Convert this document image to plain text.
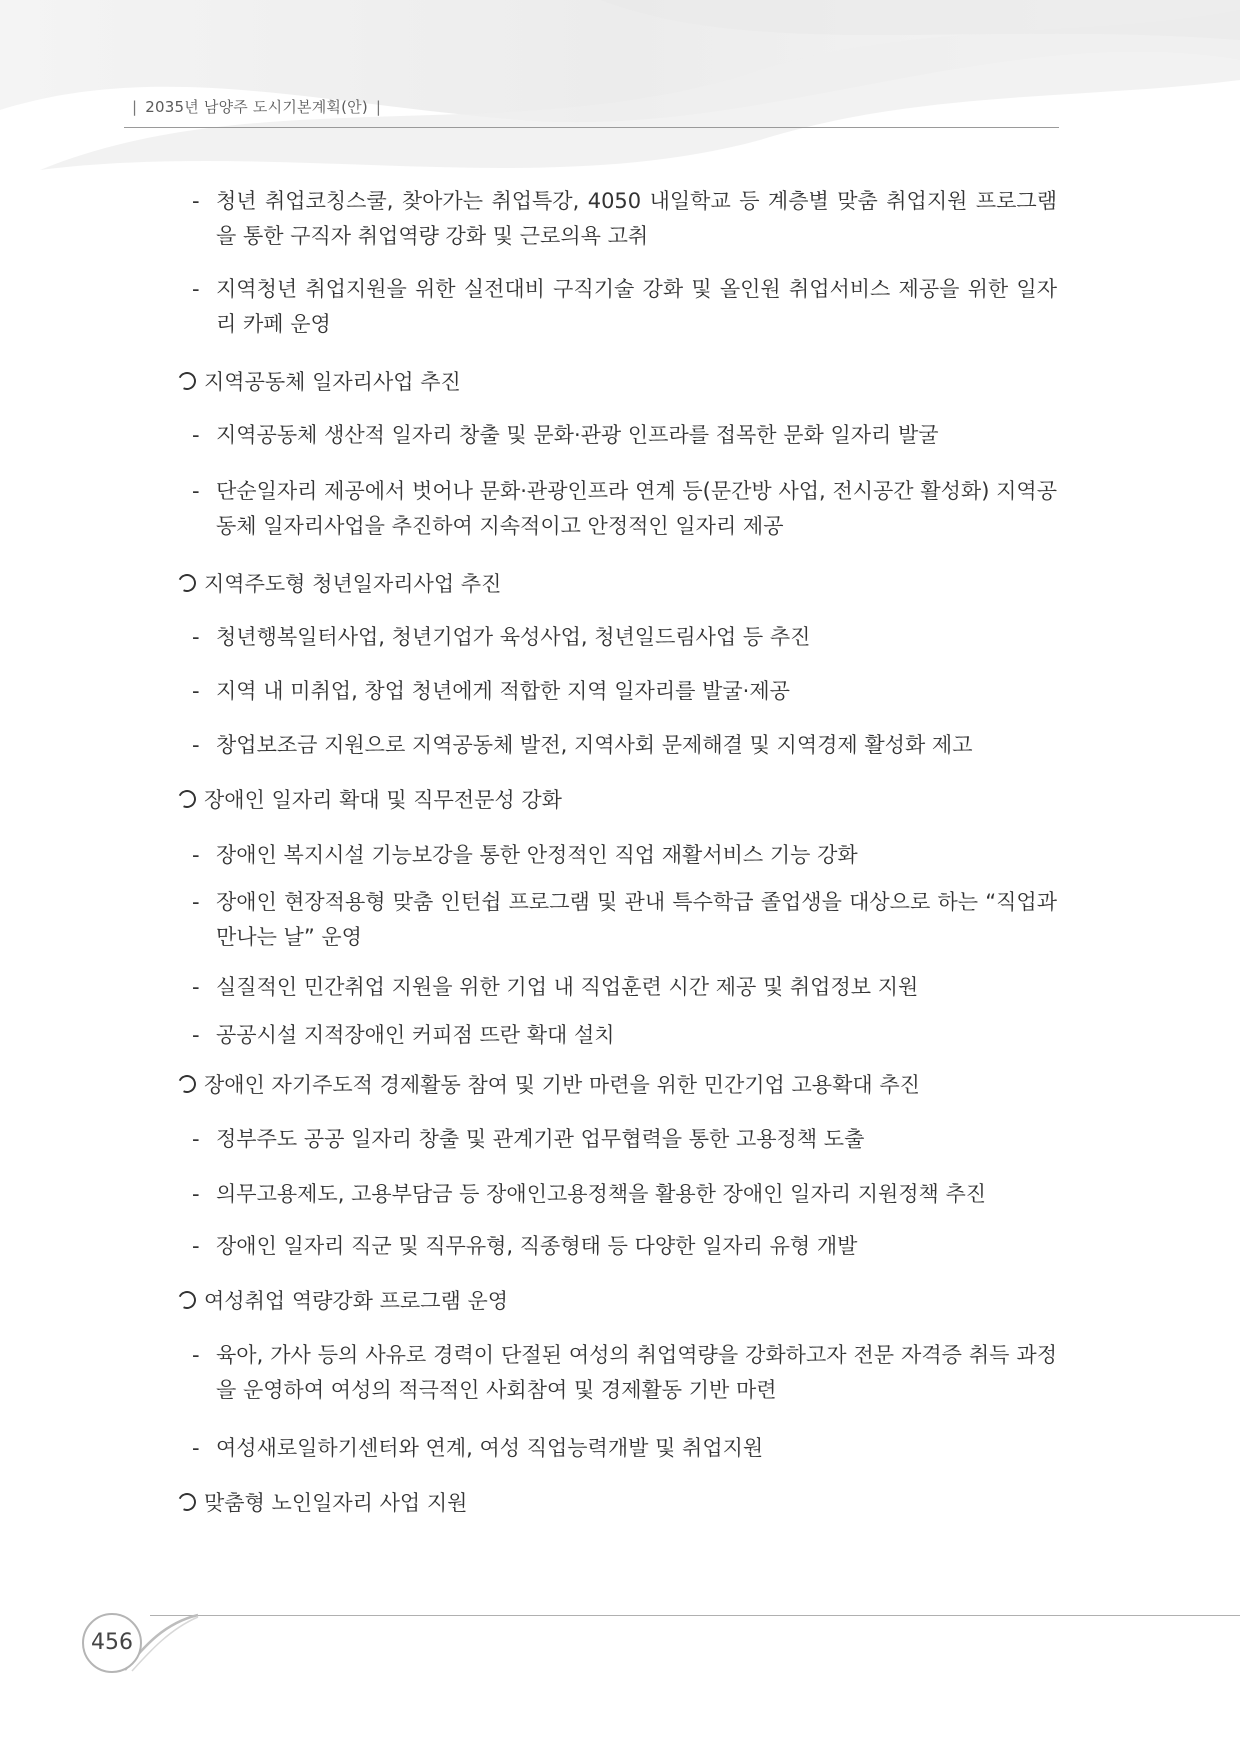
| 2035년 남양주 도시기본계획(안) |
- 청년 취업코칭스쿨, 찾아가는 취업특강, 4050 내일학교 등 계층별 맞춤 취업지원 프로그램을 통한 구직자 취업역량 강화 및 근로의욕 고취
- 지역청년 취업지원을 위한 실전대비 구직기술 강화 및 올인원 취업서비스 제공을 위한 일자리 카페 운영
지역공동체 일자리사업 추진
- 지역공동체 생산적 일자리 창출 및 문화·관광 인프라를 접목한 문화 일자리 발굴
- 단순일자리 제공에서 벗어나 문화·관광인프라 연계 등(문간방 사업, 전시공간 활성화) 지역공동체 일자리사업을 추진하여 지속적이고 안정적인 일자리 제공
지역주도형 청년일자리사업 추진
- 청년행복일터사업, 청년기업가 육성사업, 청년일드림사업 등 추진
- 지역 내 미취업, 창업 청년에게 적합한 지역 일자리를 발굴·제공
- 창업보조금 지원으로 지역공동체 발전, 지역사회 문제해결 및 지역경제 활성화 제고
장애인 일자리 확대 및 직무전문성 강화
- 장애인 복지시설 기능보강을 통한 안정적인 직업 재활서비스 기능 강화
- 장애인 현장적용형 맞춤 인턴쉽 프로그램 및 관내 특수학급 졸업생을 대상으로 하는 “직업과 만나는 날” 운영
- 실질적인 민간취업 지원을 위한 기업 내 직업훈련 시간 제공 및 취업정보 지원
- 공공시설 지적장애인 커피점 뜨란 확대 설치
장애인 자기주도적 경제활동 참여 및 기반 마련을 위한 민간기업 고용확대 추진
- 정부주도 공공 일자리 창출 및 관계기관 업무협력을 통한 고용정책 도출
- 의무고용제도, 고용부담금 등 장애인고용정책을 활용한 장애인 일자리 지원정책 추진
- 장애인 일자리 직군 및 직무유형, 직종형태 등 다양한 일자리 유형 개발
여성취업 역량강화 프로그램 운영
- 육아, 가사 등의 사유로 경력이 단절된 여성의 취업역량을 강화하고자 전문 자격증 취득 과정을 운영하여 여성의 적극적인 사회참여 및 경제활동 기반 마련
- 여성새로일하기센터와 연계, 여성 직업능력개발 및 취업지원
맞춤형 노인일자리 사업 지원
456
